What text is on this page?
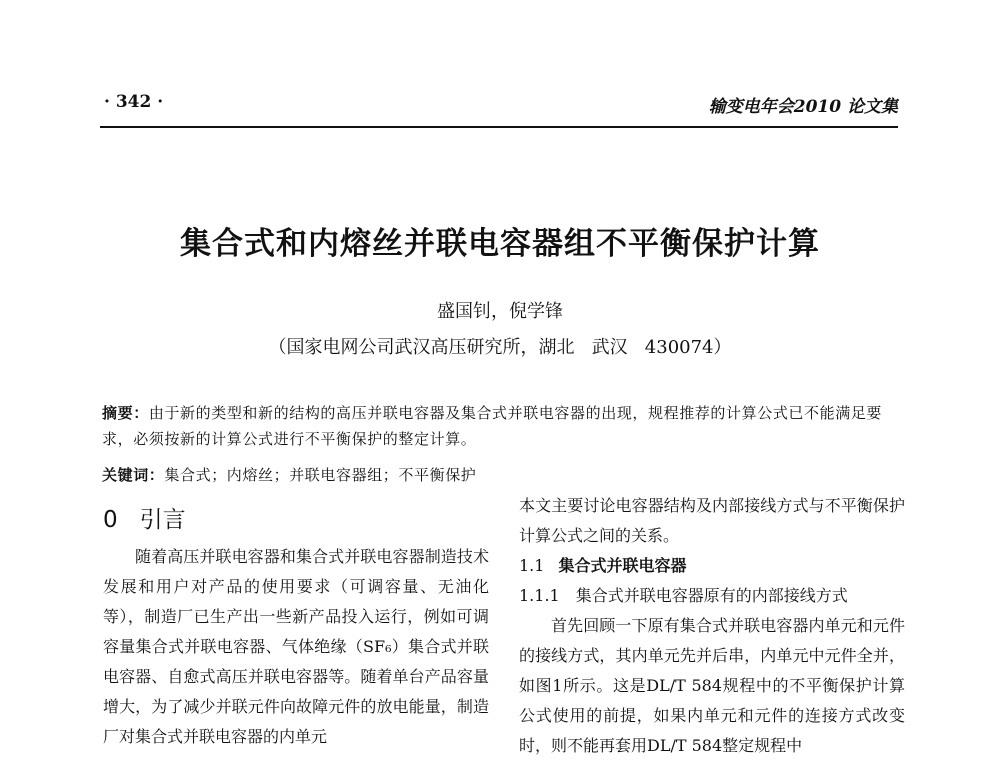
· 342 ·	输变电年会2010 论文集
集合式和内熔丝并联电容器组不平衡保护计算
盛国钊，倪学锋
（国家电网公司武汉高压研究所，湖北   武汉   430074）
摘要：由于新的类型和新的结构的高压并联电容器及集合式并联电容器的出现，规程推荐的计算公式已不能满足要求，必须按新的计算公式进行不平衡保护的整定计算。
关键词：集合式；内熔丝；并联电容器组；不平衡保护
0 引言

随着高压并联电容器和集合式并联电容器制造技术发展和用户对产品的使用要求（可调容量、无油化等），制造厂已生产出一些新产品投入运行，例如可调容量集合式并联电容器、气体绝缘（SF₆）集合式并联电容器、自愈式高压并联电容器等。随着单台产品容量增大，为了减少并联元件向故障元件的放电能量，制造厂对集合式并联电容器的内单元

本文主要讨论电容器结构及内部接线方式与不平衡保护计算公式之间的关系。

1.1 集合式并联电容器
1.1.1 集合式并联电容器原有的内部接线方式

首先回顾一下原有集合式并联电容器内单元和元件的接线方式，其内单元先并后串，内单元中元件全并，如图1所示。这是DL/T 584规程中的不平衡保护计算公式使用的前提，如果内单元和元件的连接方式改变时，则不能再套用DL/T 584整定规程中
